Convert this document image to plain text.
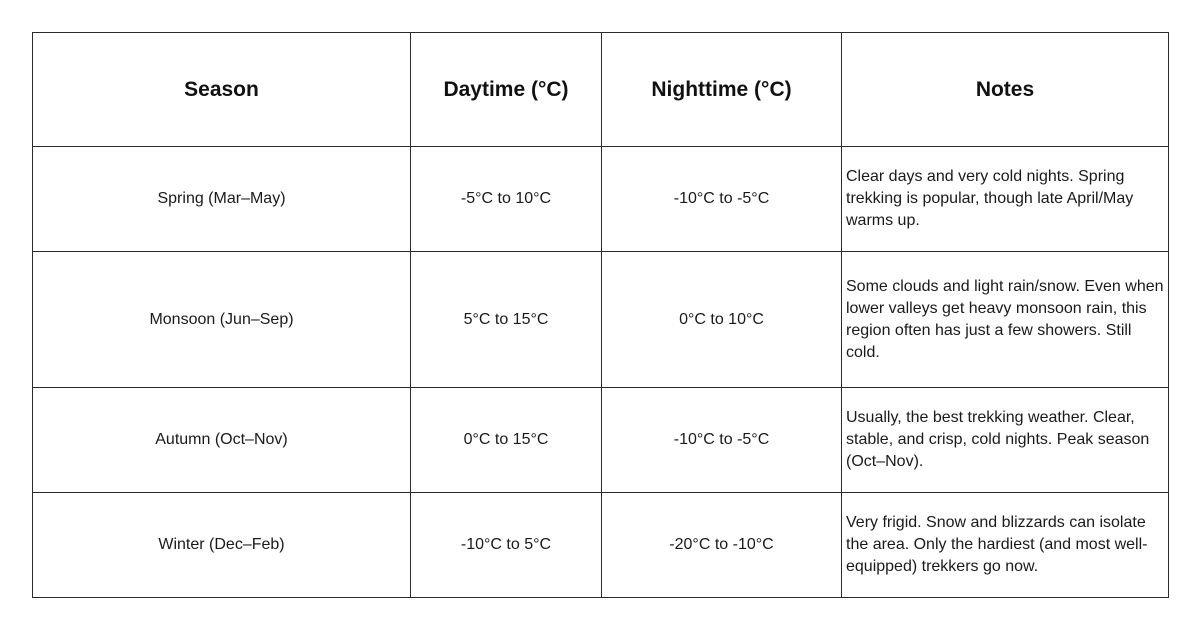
Season	Daytime (°C)	Nighttime (°C)	Notes
Spring (Mar–May)	-5°C to 10°C	-10°C to -5°C	Clear days and very cold nights. Spring trekking is popular, though late April/May warms up.
Monsoon (Jun–Sep)	5°C to 15°C	0°C to 10°C	Some clouds and light rain/snow. Even when lower valleys get heavy monsoon rain, this region often has just a few showers. Still cold.
Autumn (Oct–Nov)	0°C to 15°C	-10°C to -5°C	Usually, the best trekking weather. Clear, stable, and crisp, cold nights. Peak season (Oct–Nov).
Winter (Dec–Feb)	-10°C to 5°C	-20°C to -10°C	Very frigid. Snow and blizzards can isolate the area. Only the hardiest (and most well-equipped) trekkers go now.
